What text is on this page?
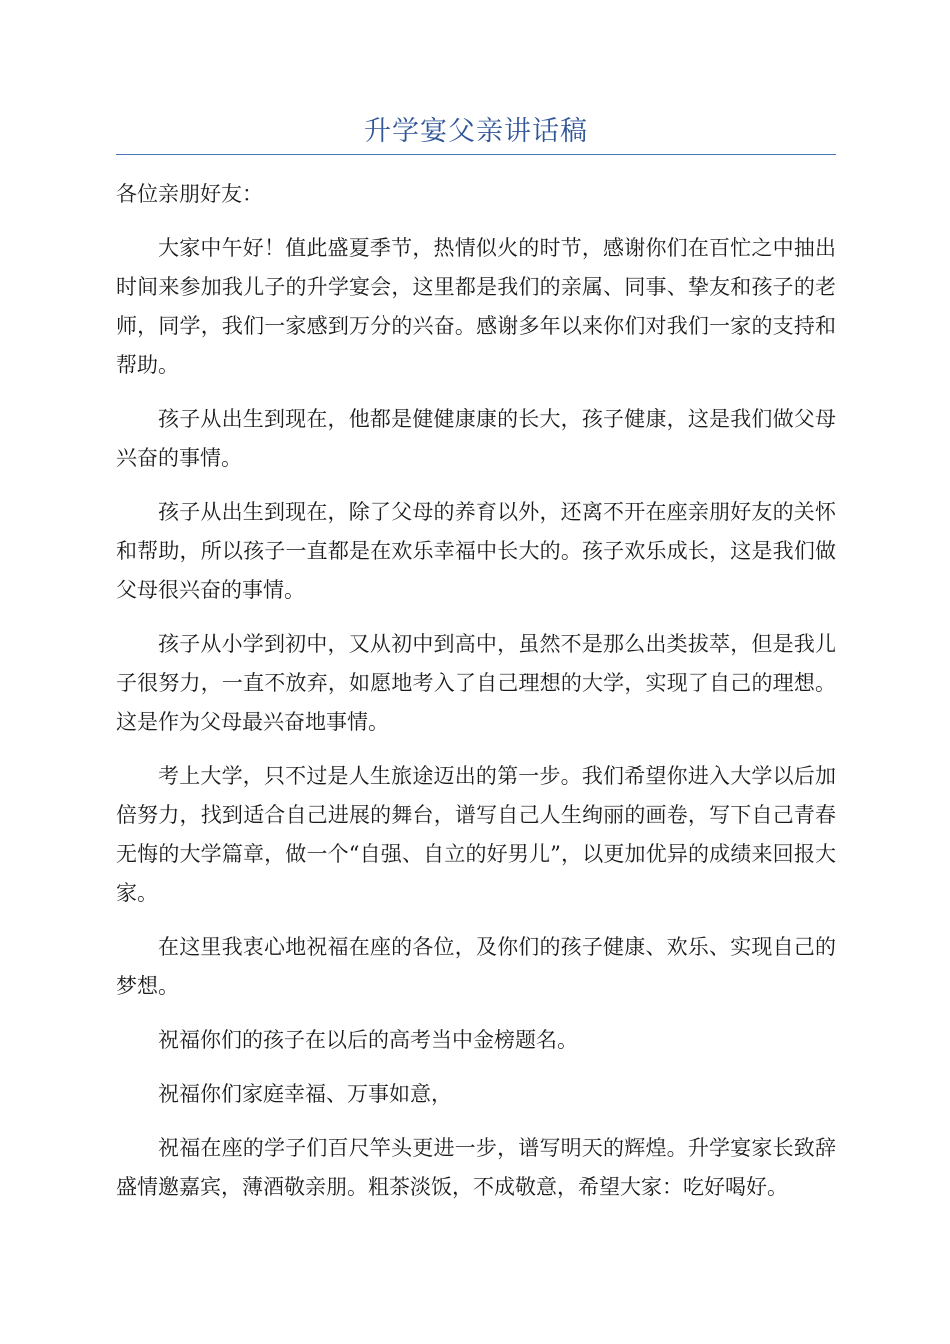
升学宴父亲讲话稿

各位亲朋好友：

大家中午好！值此盛夏季节，热情似火的时节，感谢你们在百忙之中抽出时间来参加我儿子的升学宴会，这里都是我们的亲属、同事、挚友和孩子的老师，同学，我们一家感到万分的兴奋。感谢多年以来你们对我们一家的支持和帮助。

孩子从出生到现在，他都是健健康康的长大，孩子健康，这是我们做父母兴奋的事情。

孩子从出生到现在，除了父母的养育以外，还离不开在座亲朋好友的关怀和帮助，所以孩子一直都是在欢乐幸福中长大的。孩子欢乐成长，这是我们做父母很兴奋的事情。

孩子从小学到初中，又从初中到高中，虽然不是那么出类拔萃，但是我儿子很努力，一直不放弃，如愿地考入了自己理想的大学，实现了自己的理想。这是作为父母最兴奋地事情。

考上大学，只不过是人生旅途迈出的第一步。我们希望你进入大学以后加倍努力，找到适合自己进展的舞台，谱写自己人生绚丽的画卷，写下自己青春无悔的大学篇章，做一个“自强、自立的好男儿”，以更加优异的成绩来回报大家。

在这里我衷心地祝福在座的各位，及你们的孩子健康、欢乐、实现自己的梦想。

祝福你们的孩子在以后的高考当中金榜题名。

祝福你们家庭幸福、万事如意，

祝福在座的学子们百尺竿头更进一步，谱写明天的辉煌。升学宴家长致辞盛情邀嘉宾，薄酒敬亲朋。粗茶淡饭，不成敬意，希望大家：吃好喝好。
